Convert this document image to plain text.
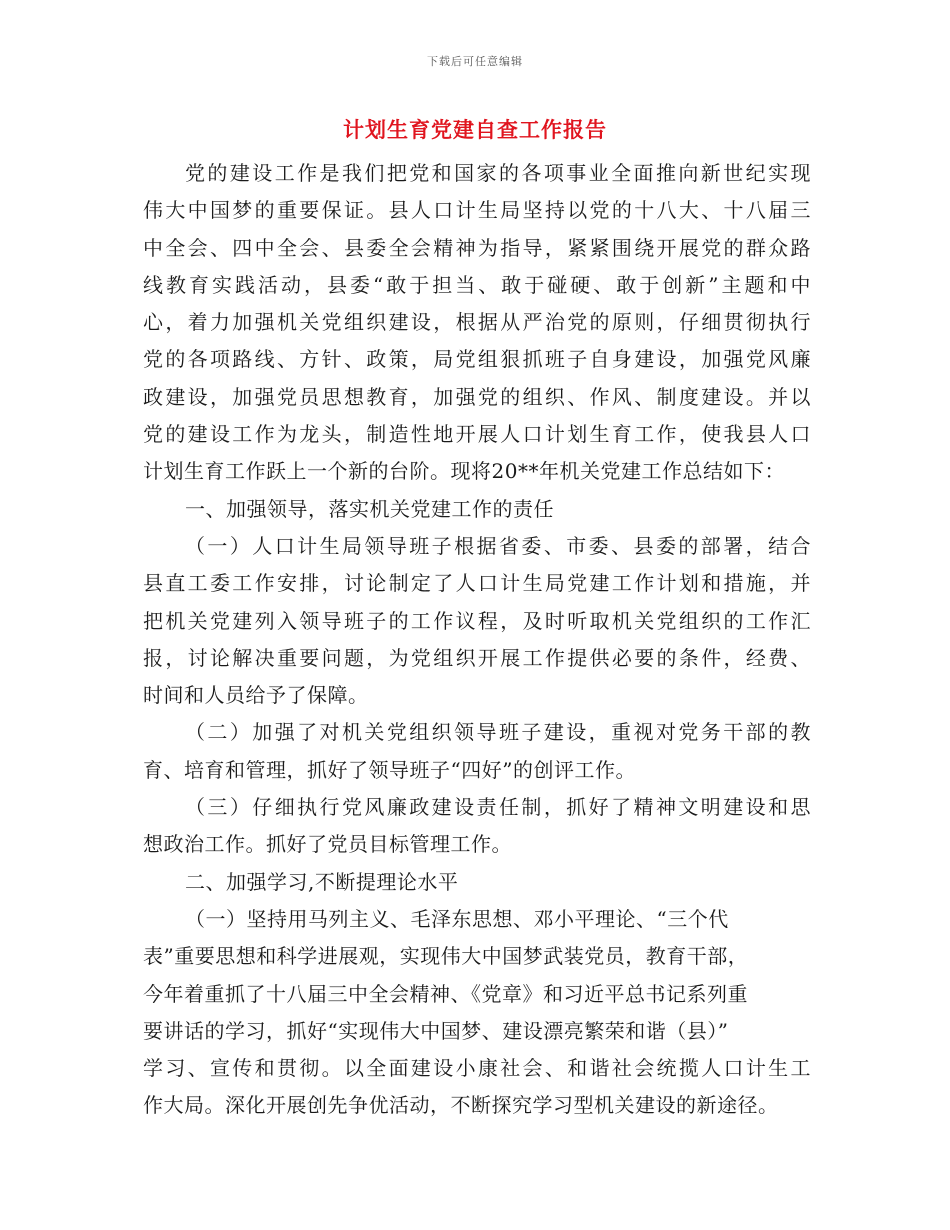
下载后可任意编辑
计划生育党建自查工作报告
党的建设工作是我们把党和国家的各项事业全面推向新世纪实现
伟大中国梦的重要保证。县人口计生局坚持以党的十八大、十八届三
中全会、四中全会、县委全会精神为指导，紧紧围绕开展党的群众路
线教育实践活动，县委“敢于担当、敢于碰硬、敢于创新”主题和中
心，着力加强机关党组织建设，根据从严治党的原则，仔细贯彻执行
党的各项路线、方针、政策，局党组狠抓班子自身建设，加强党风廉
政建设，加强党员思想教育，加强党的组织、作风、制度建设。并以
党的建设工作为龙头，制造性地开展人口计划生育工作，使我县人口
计划生育工作跃上一个新的台阶。现将20**年机关党建工作总结如下：
一、加强领导，落实机关党建工作的责任
（一）人口计生局领导班子根据省委、市委、县委的部署，结合
县直工委工作安排，讨论制定了人口计生局党建工作计划和措施，并
把机关党建列入领导班子的工作议程，及时听取机关党组织的工作汇
报，讨论解决重要问题，为党组织开展工作提供必要的条件，经费、
时间和人员给予了保障。
（二）加强了对机关党组织领导班子建设，重视对党务干部的教
育、培育和管理，抓好了领导班子“四好”的创评工作。
（三）仔细执行党风廉政建设责任制，抓好了精神文明建设和思
想政治工作。抓好了党员目标管理工作。
二、加强学习,不断提理论水平
（一）坚持用马列主义、毛泽东思想、邓小平理论、“三个代
表”重要思想和科学进展观，实现伟大中国梦武装党员，教育干部，
今年着重抓了十八届三中全会精神、《党章》和习近平总书记系列重
要讲话的学习，抓好“实现伟大中国梦、建设漂亮繁荣和谐（县）”
学习、宣传和贯彻。以全面建设小康社会、和谐社会统揽人口计生工
作大局。深化开展创先争优活动，不断探究学习型机关建设的新途径。
